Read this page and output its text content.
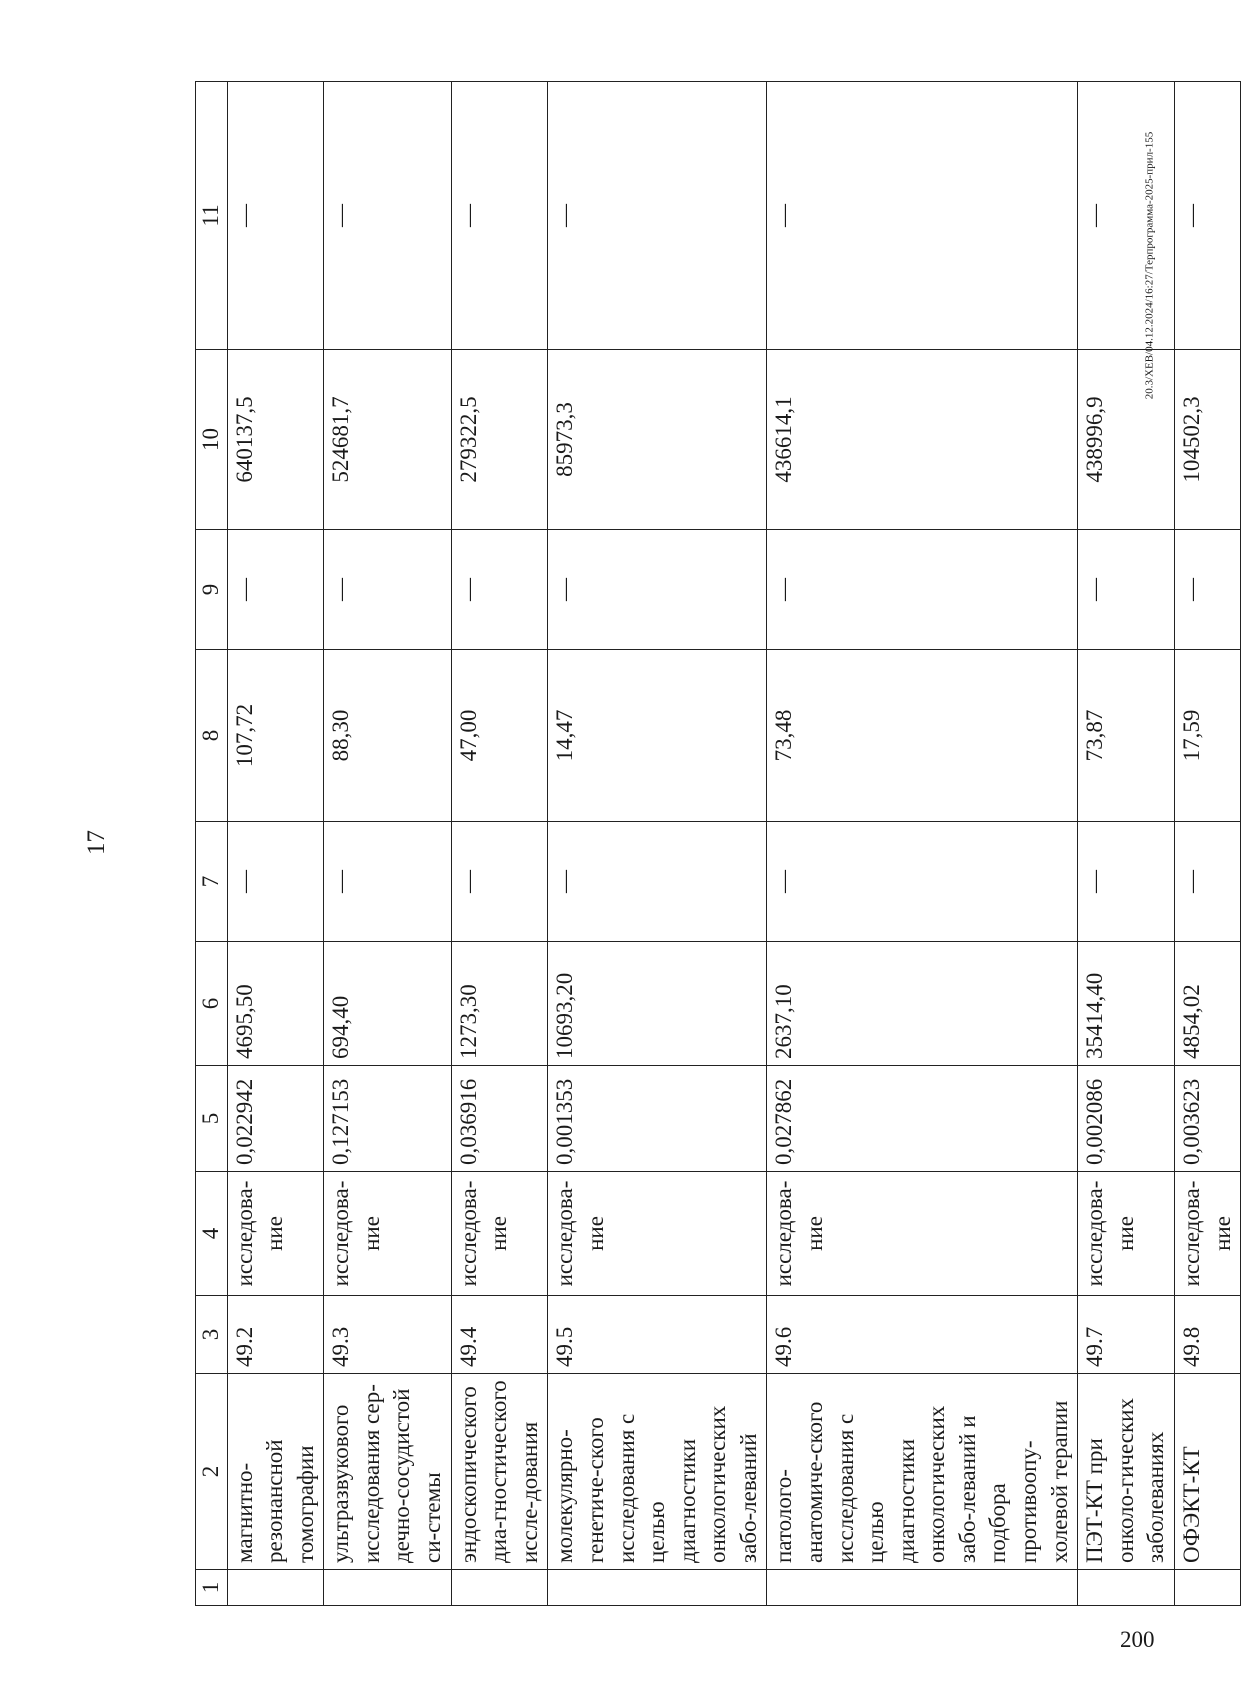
17
20.3/ХЕВ/04.12.2024/16:27/Терпрограмма-2025-прил-155
200
1	2	3	4	5	6	7	8	9	10	11
	магнитно-резонансной томографии	49.2	исследова-ние	0,022942	4695,50	—	107,72	—	640137,5	—
	ультразвукового исследования сер-дечно-сосудистой си-стемы	49.3	исследова-ние	0,127153	694,40	—	88,30	—	524681,7	—
	эндоскопического диа-гностического иссле-дования	49.4	исследова-ние	0,036916	1273,30	—	47,00	—	279322,5	—
	молекулярно-генетиче-ского исследования с целью диагностики онкологических забо-леваний	49.5	исследова-ние	0,001353	10693,20	—	14,47	—	85973,3	—
	патолого-анатомиче-ского исследования с целью диагностики онкологических забо-леваний и подбора противоопу-холевой терапии	49.6	исследова-ние	0,027862	2637,10	—	73,48	—	436614,1	—
	ПЭТ-КТ при онколо-гических заболеваниях	49.7	исследова-ние	0,002086	35414,40	—	73,87	—	438996,9	—
	ОФЭКТ-КТ	49.8	исследова-ние	0,003623	4854,02	—	17,59	—	104502,3	—
